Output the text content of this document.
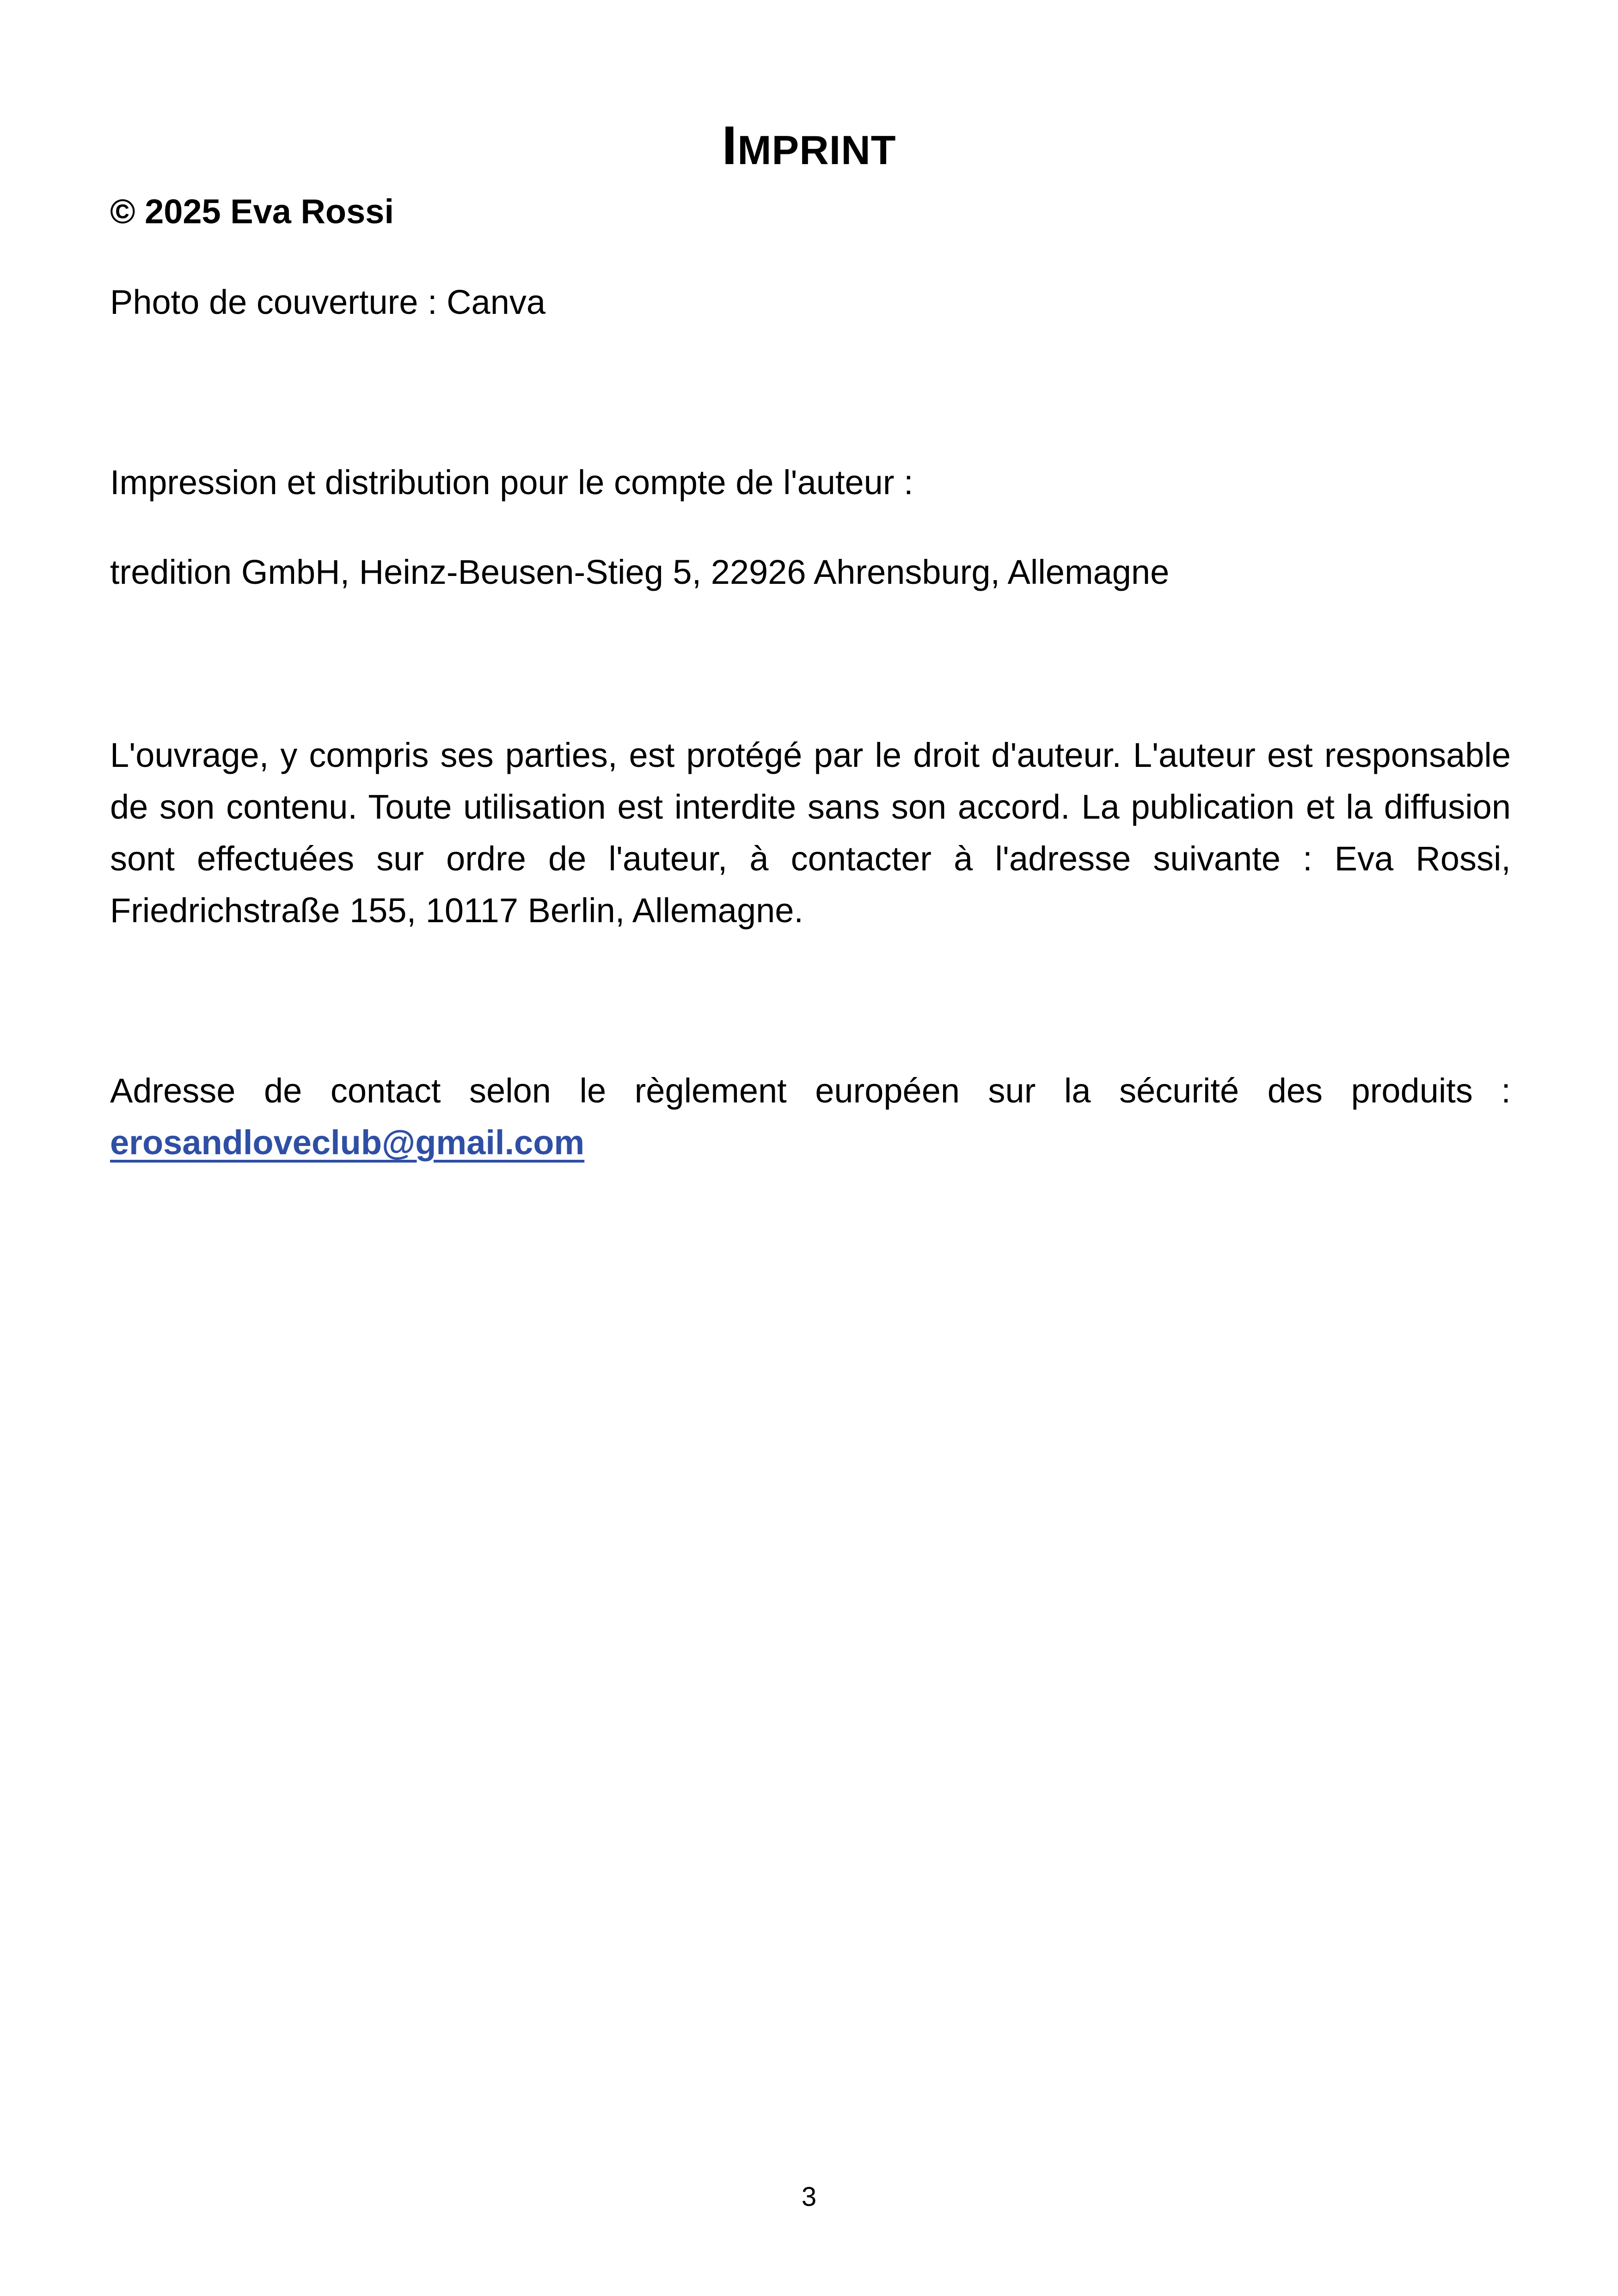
IMPRINT

© 2025 Eva Rossi

Photo de couverture : Canva

Impression et distribution pour le compte de l'auteur :

tredition GmbH, Heinz-Beusen-Stieg 5, 22926 Ahrensburg, Allemagne

L'ouvrage, y compris ses parties, est protégé par le droit d'auteur. L'auteur est responsable de son contenu. Toute utilisation est interdite sans son accord. La publication et la diffusion sont effectuées sur ordre de l'auteur, à contacter à l'adresse suivante : Eva Rossi, Friedrichstraße 155, 10117 Berlin, Allemagne.

Adresse de contact selon le règlement européen sur la sécurité des produits : erosandloveclub@gmail.com

3
